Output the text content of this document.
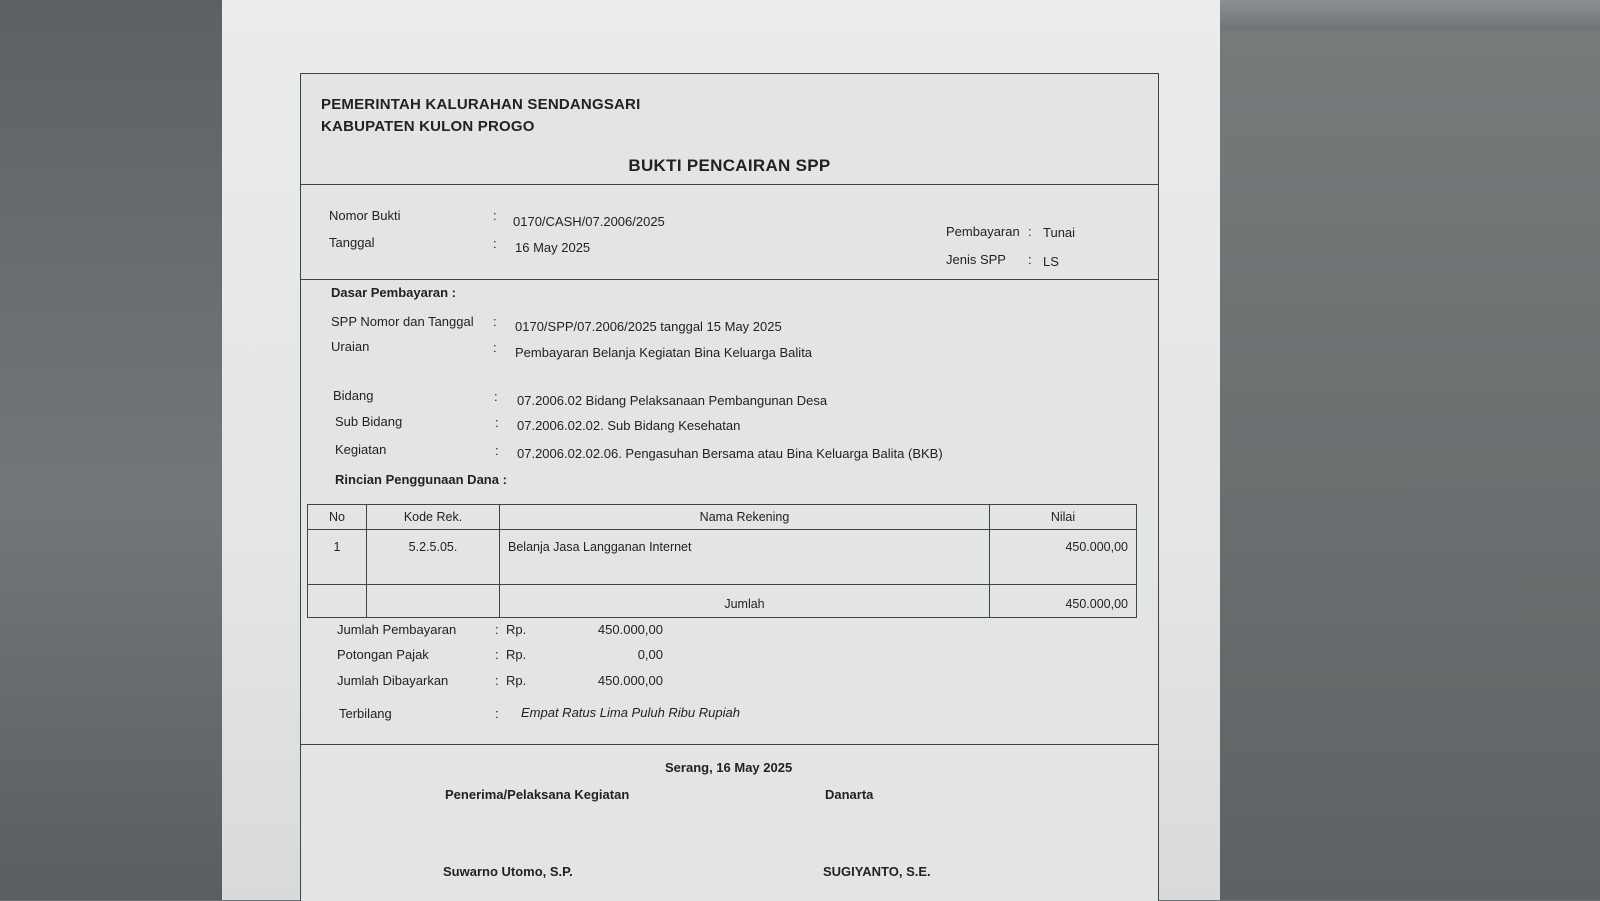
PEMERINTAH KALURAHAN SENDANGSARI
KABUPATEN KULON PROGO
BUKTI PENCAIRAN SPP
Nomor Bukti	: 0170/CASH/07.2006/2025
Tanggal	: 16 May 2025
Pembayaran : Tunai
Jenis SPP : LS
Dasar Pembayaran :
SPP Nomor dan Tanggal : 0170/SPP/07.2006/2025 tanggal 15 May 2025
Uraian	: Pembayaran Belanja Kegiatan Bina Keluarga Balita
Bidang	: 07.2006.02 Bidang Pelaksanaan Pembangunan Desa
Sub Bidang	: 07.2006.02.02. Sub Bidang Kesehatan
Kegiatan	: 07.2006.02.02.06. Pengasuhan Bersama atau Bina Keluarga Balita (BKB)
Rincian Penggunaan Dana :
No	Kode Rek.	Nama Rekening	Nilai
1	5.2.5.05.	Belanja Jasa Langganan Internet	450.000,00
		Jumlah	450.000,00
Jumlah Pembayaran	: Rp.	450.000,00
Potongan Pajak	: Rp.	0,00
Jumlah Dibayarkan	: Rp.	450.000,00
Terbilang	: Empat Ratus Lima Puluh Ribu Rupiah
Serang, 16 May 2025
Penerima/Pelaksana Kegiatan	Danarta
Suwarno Utomo, S.P.	SUGIYANTO, S.E.
